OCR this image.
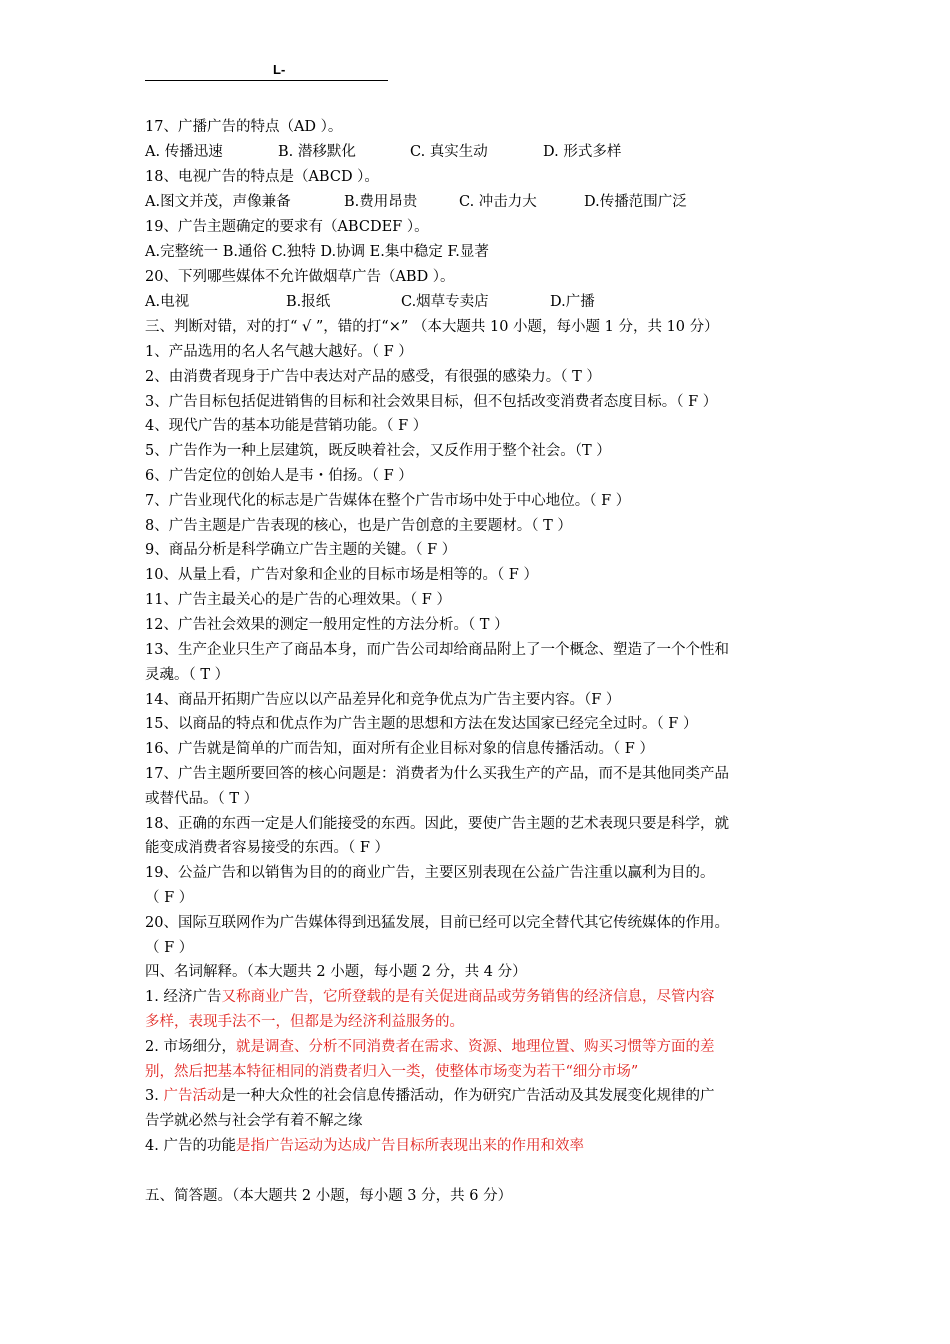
L-
17、广播广告的特点（AD ）。
A. 传播迅速	B. 潜移默化	C. 真实生动	D. 形式多样
18、电视广告的特点是（ABCD ）。
A.图文并茂，声像兼备	B.费用昂贵	C. 冲击力大	D.传播范围广泛
19、广告主题确定的要求有（ABCDEF ）。
A.完整统一 B.通俗 C.独特 D.协调 E.集中稳定 F.显著
20、下列哪些媒体不允许做烟草广告（ABD ）。
A.电视	B.报纸	C.烟草专卖店	D.广播
三、判断对错，对的打“ √ ”，错的打“×” （本大题共 10 小题，每小题 1 分，共 10 分）
1、产品选用的名人名气越大越好。（ F ）
2、由消费者现身于广告中表达对产品的感受，有很强的感染力。（ T ）
3、广告目标包括促进销售的目标和社会效果目标，但不包括改变消费者态度目标。（ F ）
4、现代广告的基本功能是营销功能。（ F ）
5、广告作为一种上层建筑，既反映着社会，又反作用于整个社会。（T ）
6、广告定位的创始人是韦・伯扬。（ F ）
7、广告业现代化的标志是广告媒体在整个广告市场中处于中心地位。（ F ）
8、广告主题是广告表现的核心，也是广告创意的主要题材。（ T ）
9、商品分析是科学确立广告主题的关键。（ F ）
10、从量上看，广告对象和企业的目标市场是相等的。（ F ）
11、广告主最关心的是广告的心理效果。（ F ）
12、广告社会效果的测定一般用定性的方法分析。（ T ）
13、生产企业只生产了商品本身，而广告公司却给商品附上了一个概念、塑造了一个个性和
灵魂。（ T ）
14、商品开拓期广告应以以产品差异化和竞争优点为广告主要内容。（F ）
15、以商品的特点和优点作为广告主题的思想和方法在发达国家已经完全过时。（ F ）
16、广告就是简单的广而告知，面对所有企业目标对象的信息传播活动。（ F ）
17、广告主题所要回答的核心问题是：消费者为什么买我生产的产品，而不是其他同类产品
或替代品。（ T ）
18、正确的东西一定是人们能接受的东西。因此，要使广告主题的艺术表现只要是科学，就
能变成消费者容易接受的东西。（ F ）
19、公益广告和以销售为目的的商业广告，主要区别表现在公益广告注重以赢利为目的。
（ F ）
20、国际互联网作为广告媒体得到迅猛发展，目前已经可以完全替代其它传统媒体的作用。
（ F ）
四、名词解释。（本大题共 2 小题，每小题 2 分，共 4 分）
1. 经济广告又称商业广告，它所登载的是有关促进商品或劳务销售的经济信息，尽管内容
多样，表现手法不一，但都是为经济利益服务的。
2. 市场细分，就是调查、分析不同消费者在需求、资源、地理位置、购买习惯等方面的差
别，然后把基本特征相同的消费者归入一类，使整体市场变为若干“细分市场”
3. 广告活动是一种大众性的社会信息传播活动，作为研究广告活动及其发展变化规律的广
告学就必然与社会学有着不解之缘
4. 广告的功能是指广告运动为达成广告目标所表现出来的作用和效率
五、简答题。（本大题共 2 小题，每小题 3 分，共 6 分）
